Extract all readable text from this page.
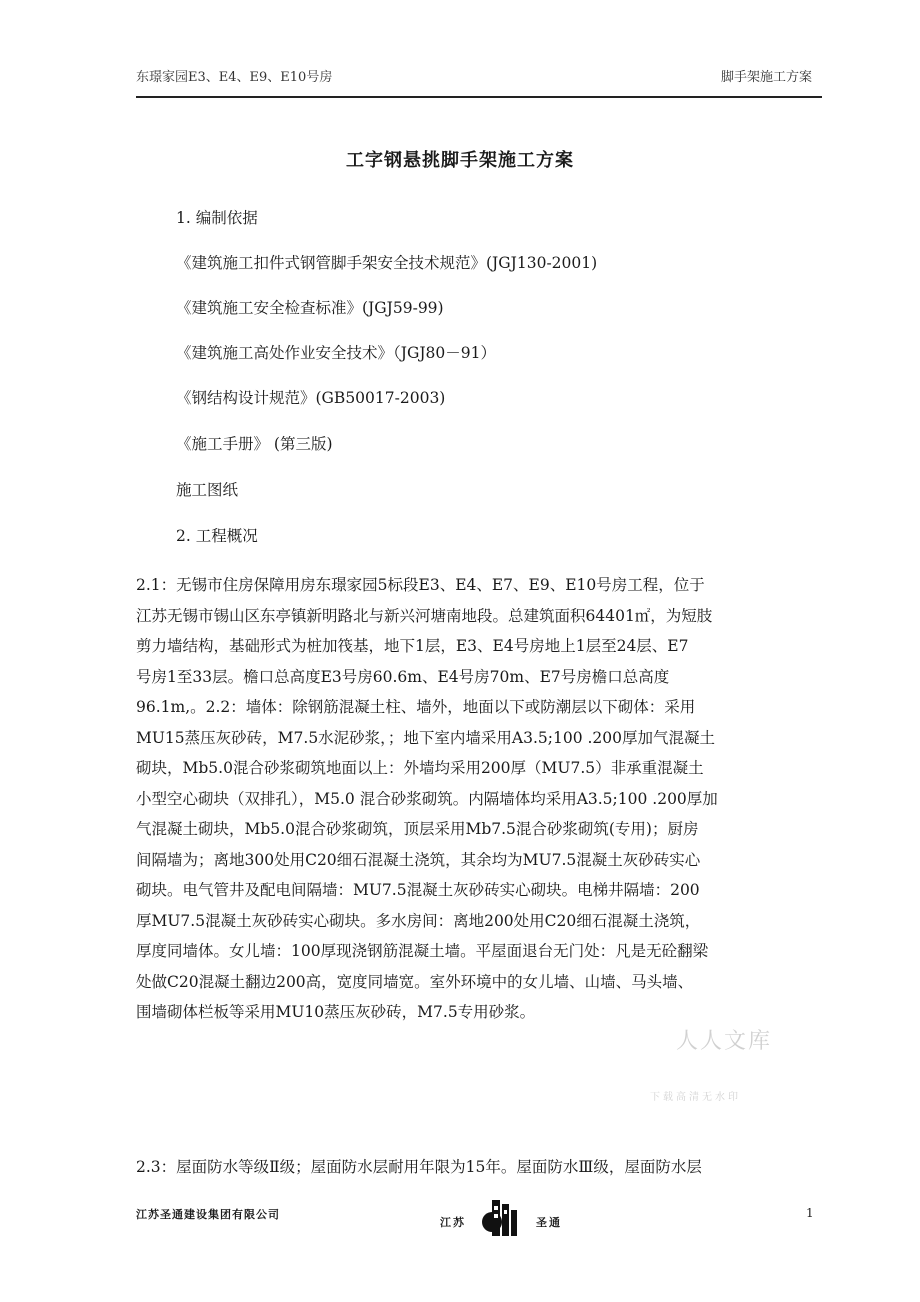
东璟家园E3、E4、E9、E10号房	脚手架施工方案
工字钢悬挑脚手架施工方案
1. 编制依据
《建筑施工扣件式钢管脚手架安全技术规范》(JGJ130-2001)
《建筑施工安全检查标准》(JGJ59-99)
《建筑施工高处作业安全技术》（JGJ80－91）
《钢结构设计规范》(GB50017-2003)
《施工手册》 (第三版)
施工图纸
2. 工程概况
2.1：无锡市住房保障用房东璟家园5标段E3、E4、E7、E9、E10号房工程，位于
江苏无锡市锡山区东亭镇新明路北与新兴河塘南地段。总建筑面积64401㎡，为短肢
剪力墙结构，基础形式为桩加筏基，地下1层，E3、E4号房地上1层至24层、E7
号房1至33层。檐口总高度E3号房60.6m、E4号房70m、E7号房檐口总高度
96.1m,。2.2：墙体：除钢筋混凝土柱、墙外，地面以下或防潮层以下砌体：采用
MU15蒸压灰砂砖，M7.5水泥砂浆，；地下室内墙采用A3.5;100 .200厚加气混凝土
砌块，Mb5.0混合砂浆砌筑地面以上：外墙均采用200厚（MU7.5）非承重混凝土
小型空心砌块（双排孔），M5.0 混合砂浆砌筑。内隔墙体均采用A3.5;100 .200厚加
气混凝土砌块，Mb5.0混合砂浆砌筑，顶层采用Mb7.5混合砂浆砌筑(专用)；厨房
间隔墙为；离地300处用C20细石混凝土浇筑，其余均为MU7.5混凝土灰砂砖实心
砌块。电气管井及配电间隔墙：MU7.5混凝土灰砂砖实心砌块。电梯井隔墙：200
厚MU7.5混凝土灰砂砖实心砌块。多水房间：离地200处用C20细石混凝土浇筑，
厚度同墙体。女儿墙：100厚现浇钢筋混凝土墙。平屋面退台无门处：凡是无砼翻梁
处做C20混凝土翻边200高，宽度同墙宽。室外环境中的女儿墙、山墙、马头墙、
围墙砌体栏板等采用MU10蒸压灰砂砖，M7.5专用砂浆。
2.3：屋面防水等级Ⅱ级；屋面防水层耐用年限为15年。屋面防水Ⅲ级，屋面防水层
人人文库
下载高清无水印
江苏圣通建设集团有限公司
江苏	圣通
1
